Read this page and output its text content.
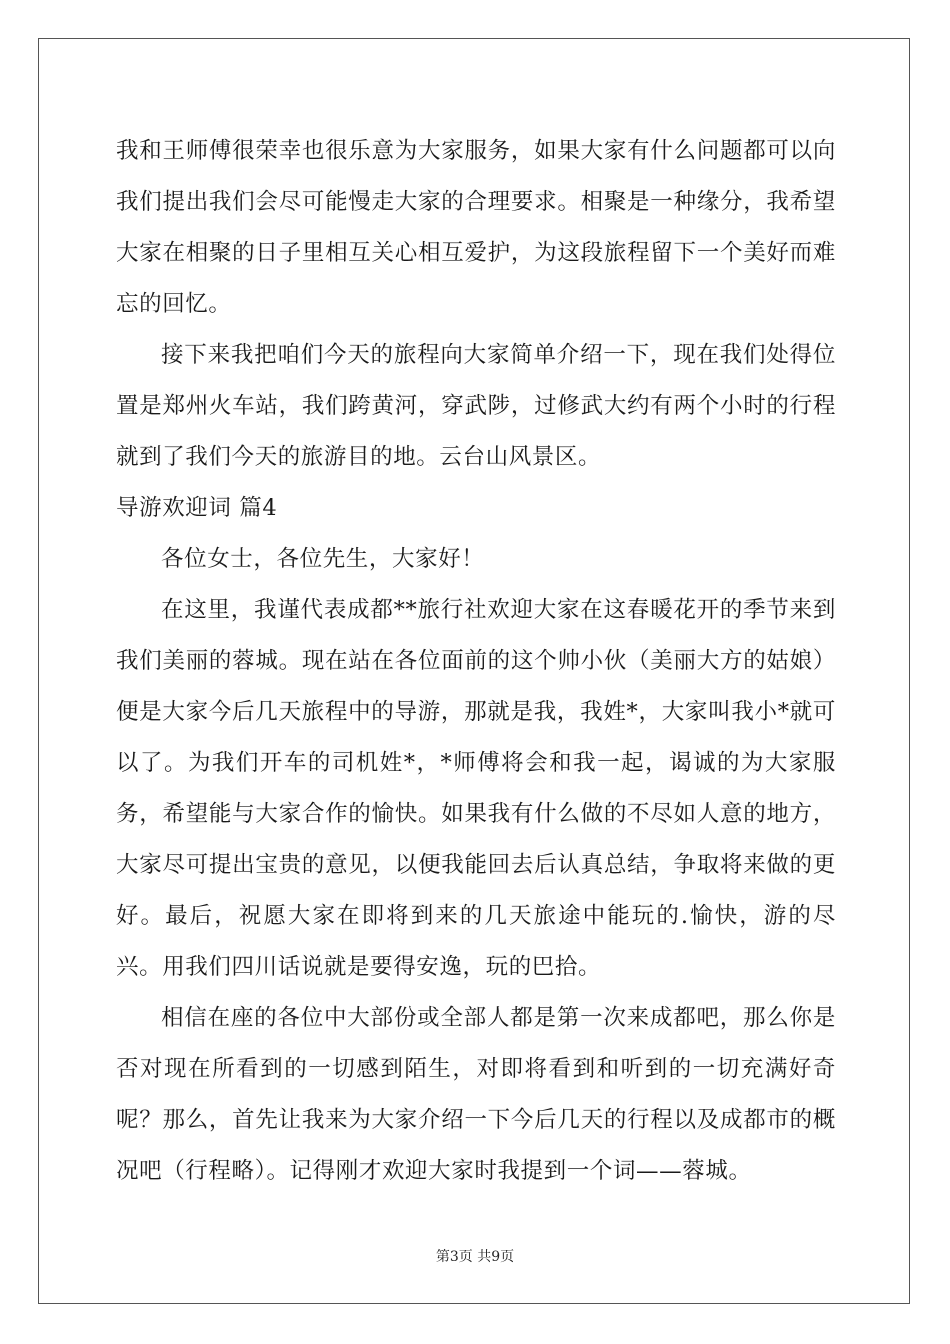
我和王师傅很荣幸也很乐意为大家服务，如果大家有什么问题都可以向我们提出我们会尽可能慢走大家的合理要求。相聚是一种缘分，我希望大家在相聚的日子里相互关心相互爱护，为这段旅程留下一个美好而难忘的回忆。

接下来我把咱们今天的旅程向大家简单介绍一下，现在我们处得位置是郑州火车站，我们跨黄河，穿武陟，过修武大约有两个小时的行程就到了我们今天的旅游目的地。云台山风景区。

导游欢迎词 篇4

各位女士，各位先生，大家好！

在这里，我谨代表成都**旅行社欢迎大家在这春暖花开的季节来到我们美丽的蓉城。现在站在各位面前的这个帅小伙（美丽大方的姑娘）便是大家今后几天旅程中的导游，那就是我，我姓*，大家叫我小*就可以了。为我们开车的司机姓*，*师傅将会和我一起，谒诚的为大家服务，希望能与大家合作的愉快。如果我有什么做的不尽如人意的地方，大家尽可提出宝贵的意见，以便我能回去后认真总结，争取将来做的更好。最后，祝愿大家在即将到来的几天旅途中能玩的.愉快，游的尽兴。用我们四川话说就是要得安逸，玩的巴拾。

相信在座的各位中大部份或全部人都是第一次来成都吧，那么你是否对现在所看到的一切感到陌生，对即将看到和听到的一切充满好奇呢？那么，首先让我来为大家介绍一下今后几天的行程以及成都市的概况吧（行程略）。记得刚才欢迎大家时我提到一个词——蓉城。

第3页 共9页
